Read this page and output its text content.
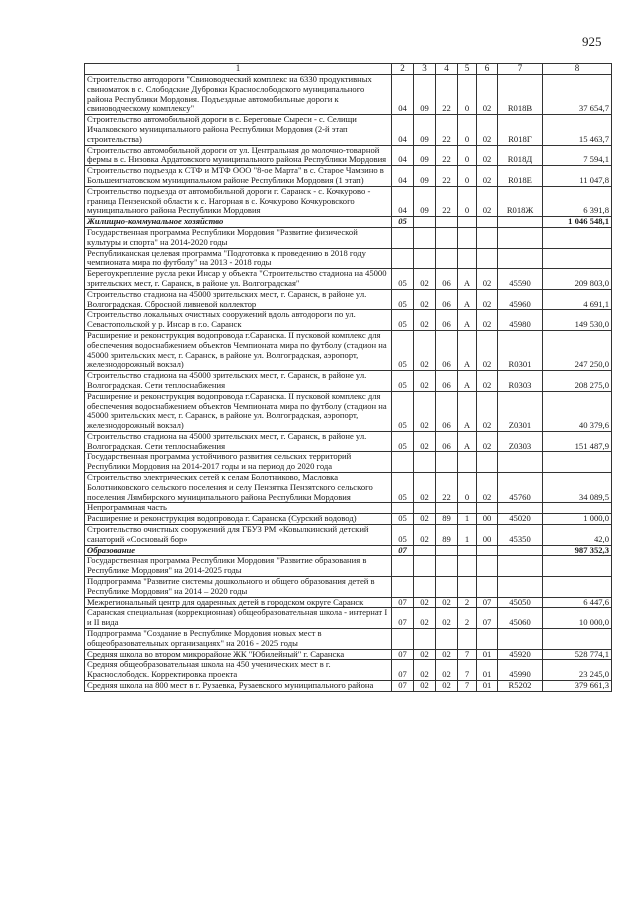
925
1	2	3	4	5	6	7	8
Строительство автодороги "Свиноводческий комплекс на 6330 продуктивных свиноматок в с. Слободские Дубровки Краснослободского муниципального района Республики Мордовия. Подъездные автомобильные дороги к свиноводческому комплексу"	04	09	22	0	02	R018В	37 654,7
Строительство автомобильной дороги в с. Береговые Сыреси - с. Селищи Ичалковского муниципального района Республики Мордовия (2-й этап строительства)	04	09	22	0	02	R018Г	15 463,7
Строительство автомобильной дороги от ул. Центральная до молочно-товарной фермы в с. Низовка Ардатовского муниципального района Республики Мордовия	04	09	22	0	02	R018Д	7 594,1
Строительство подъезда к СТФ и МТФ ООО "8-ое Марта" в с. Старое Чамзино в Большеигнатовском муниципальном районе Республики Мордовия (1 этап)	04	09	22	0	02	R018Е	11 047,8
Строительство подъезда от автомобильной дороги г. Саранск - с. Кочкурово - граница Пензенской области к с. Нагорная в с. Кочкурово Кочкуровского муниципального района Республики Мордовия	04	09	22	0	02	R018Ж	6 391,8
Жилищно-коммунальное хозяйство	05						1 046 548,1
Государственная программа Республики Мордовия "Развитие физической культуры и спорта" на 2014-2020 годы							
Республиканская целевая программа "Подготовка к проведению в 2018 году чемпионата мира по футболу" на 2013 - 2018 годы							
Берегоукрепление русла реки Инсар у объекта "Строительство стадиона на 45000 зрительских мест, г. Саранск, в районе ул. Волгоградская"	05	02	06	А	02	45590	209 803,0
Строительство стадиона на 45000 зрительских мест, г. Саранск, в районе ул. Волгоградская. Сбросной ливневой коллектор	05	02	06	А	02	45960	4 691,1
Строительство локальных очистных сооружений вдоль автодороги по ул. Севастопольской у р. Инсар в г.о. Саранск	05	02	06	А	02	45980	149 530,0
Расширение и реконструкция водопровода г.Саранска. II пусковой комплекс для обеспечения водоснабжением объектов Чемпионата мира по футболу (стадион на 45000 зрительских мест, г. Саранск, в районе ул. Волгоградская, аэропорт, железнодорожный вокзал)	05	02	06	А	02	R0301	247 250,0
Строительство стадиона на 45000 зрительских мест, г. Саранск, в районе ул. Волгоградская. Сети теплоснабжения	05	02	06	А	02	R0303	208 275,0
Расширение и реконструкция водопровода г.Саранска. II пусковой комплекс для обеспечения водоснабжением объектов Чемпионата мира по футболу (стадион на 45000 зрительских мест, г. Саранск, в районе ул. Волгоградская, аэропорт, железнодорожный вокзал)	05	02	06	А	02	Z0301	40 379,6
Строительство стадиона на 45000 зрительских мест, г. Саранск, в районе ул. Волгоградская. Сети теплоснабжения	05	02	06	А	02	Z0303	151 487,9
Государственная программа устойчивого развития сельских территорий Республики Мордовия на 2014-2017 годы и на период до 2020 года							
Строительство электрических сетей к селам Болотниково, Масловка Болотниковского сельского поселения и селу Пензятка Пензятского сельского поселения Лямбирского муниципального района Республики Мордовия	05	02	22	0	02	45760	34 089,5
Непрограммная часть							
Расширение и реконструкция водопровода г. Саранска (Сурский водовод)	05	02	89	1	00	45020	1 000,0
Строительство очистных сооружений для ГБУЗ РМ «Ковылкинский детский санаторий «Сосновый бор»	05	02	89	1	00	45350	42,0
Образование	07						987 352,3
Государственная программа Республики Мордовия "Развитие образования в Республике Мордовия" на 2014-2025 годы							
Подпрограмма "Развитие системы дошкольного и общего образования детей в Республике Мордовия" на 2014 – 2020 годы							
Межрегиональный центр для одаренных детей в городском округе Саранск	07	02	02	2	07	45050	6 447,6
Саранская специальная (коррекционная) общеобразовательная школа - интернат I и II вида	07	02	02	2	07	45060	10 000,0
Подпрограмма "Создание в Республике Мордовия новых мест в общеобразовательных организациях" на 2016 - 2025 годы							
Средняя школа во втором микрорайоне ЖК "Юбилейный" г. Саранска	07	02	02	7	01	45920	528 774,1
Средняя общеобразовательная школа на 450 ученических мест в г. Краснослободск. Корректировка проекта	07	02	02	7	01	45990	23 245,0
Средняя школа на 800 мест в г. Рузаевка, Рузаевского муниципального района	07	02	02	7	01	R5202	379 661,3
